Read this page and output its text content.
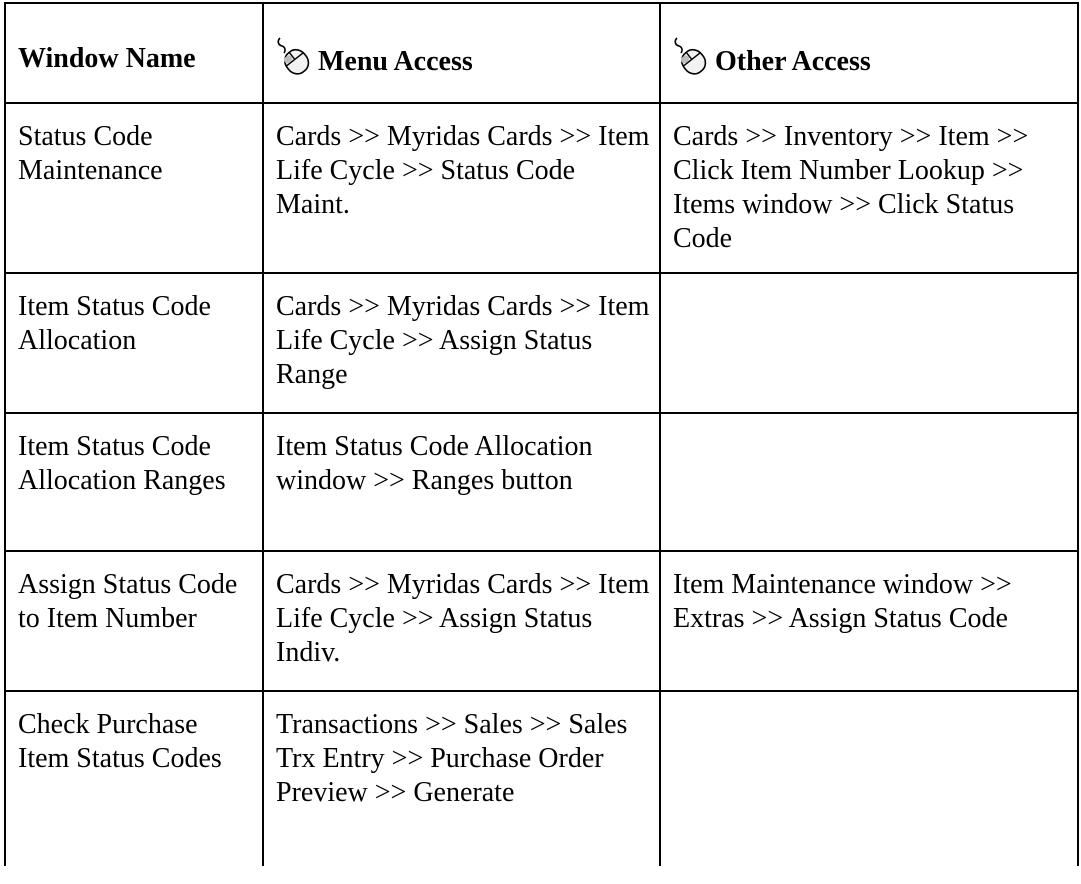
Window Name	Menu Access	Other Access

Status Code Maintenance	Cards >> Myridas Cards >> Item Life Cycle >> Status Code Maint.	Cards >> Inventory >> Item >> Click Item Number Lookup >> Items window >> Click Status Code
Item Status Code Allocation	Cards >> Myridas Cards >> Item Life Cycle >> Assign Status Range	
Item Status Code Allocation Ranges	Item Status Code Allocation window >> Ranges button	
Assign Status Code to Item Number	Cards >> Myridas Cards >> Item Life Cycle >> Assign Status Indiv.	Item Maintenance window >> Extras >> Assign Status Code
Check Purchase Item Status Codes	Transactions >> Sales >> Sales Trx Entry >> Purchase Order Preview >> Generate	
